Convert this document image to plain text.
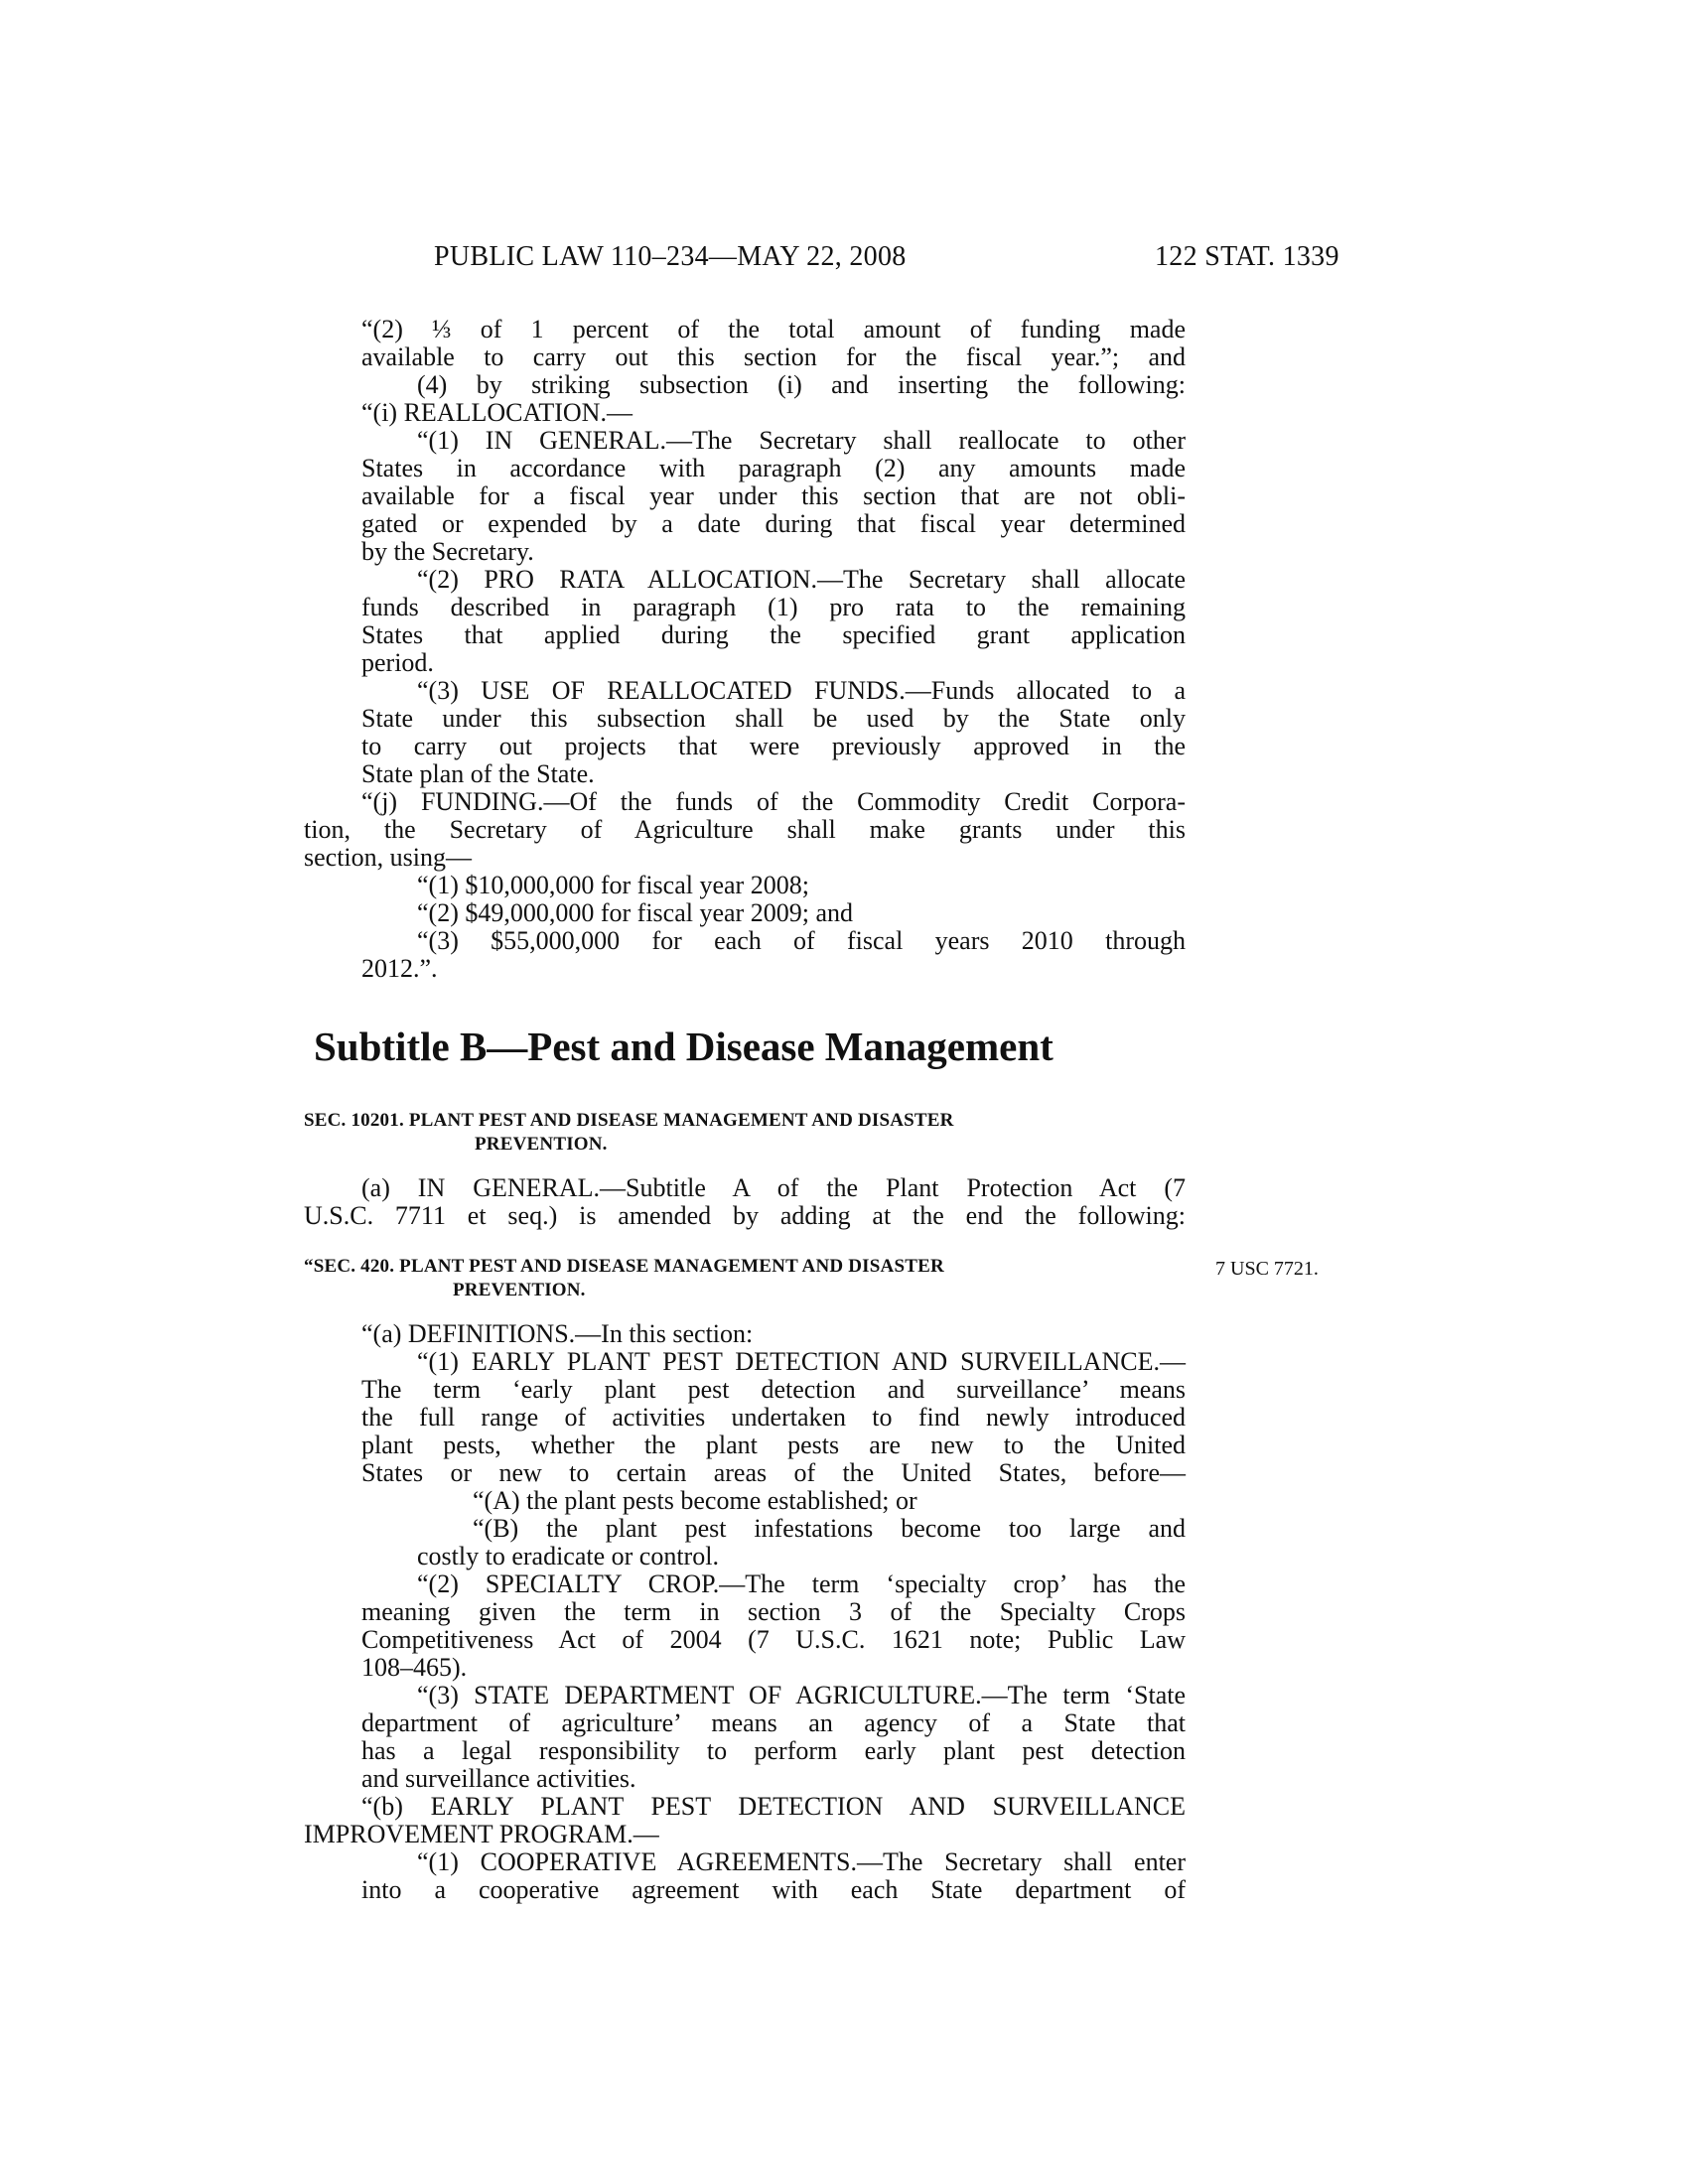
PUBLIC LAW 110–234—MAY 22, 2008	122 STAT. 1339
“(2) ⅓ of 1 percent of the total amount of funding made
available to carry out this section for the fiscal year.”; and
(4) by striking subsection (i) and inserting the following:
“(i) REALLOCATION.—
“(1) IN GENERAL.—The Secretary shall reallocate to other
States in accordance with paragraph (2) any amounts made
available for a fiscal year under this section that are not obli-
gated or expended by a date during that fiscal year determined
by the Secretary.
“(2) PRO RATA ALLOCATION.—The Secretary shall allocate
funds described in paragraph (1) pro rata to the remaining
States that applied during the specified grant application
period.
“(3) USE OF REALLOCATED FUNDS.—Funds allocated to a
State under this subsection shall be used by the State only
to carry out projects that were previously approved in the
State plan of the State.
“(j) FUNDING.—Of the funds of the Commodity Credit Corpora-
tion, the Secretary of Agriculture shall make grants under this
section, using—
“(1) $10,000,000 for fiscal year 2008;
“(2) $49,000,000 for fiscal year 2009; and
“(3) $55,000,000 for each of fiscal years 2010 through
2012.”.
Subtitle B—Pest and Disease Management
SEC. 10201. PLANT PEST AND DISEASE MANAGEMENT AND DISASTER
PREVENTION.
(a) IN GENERAL.—Subtitle A of the Plant Protection Act (7
U.S.C. 7711 et seq.) is amended by adding at the end the following:
“SEC. 420. PLANT PEST AND DISEASE MANAGEMENT AND DISASTER
PREVENTION.
7 USC 7721.
“(a) DEFINITIONS.—In this section:
“(1) EARLY PLANT PEST DETECTION AND SURVEILLANCE.—
The term ‘early plant pest detection and surveillance’ means
the full range of activities undertaken to find newly introduced
plant pests, whether the plant pests are new to the United
States or new to certain areas of the United States, before—
“(A) the plant pests become established; or
“(B) the plant pest infestations become too large and
costly to eradicate or control.
“(2) SPECIALTY CROP.—The term ‘specialty crop’ has the
meaning given the term in section 3 of the Specialty Crops
Competitiveness Act of 2004 (7 U.S.C. 1621 note; Public Law
108–465).
“(3) STATE DEPARTMENT OF AGRICULTURE.—The term ‘State
department of agriculture’ means an agency of a State that
has a legal responsibility to perform early plant pest detection
and surveillance activities.
“(b) EARLY PLANT PEST DETECTION AND SURVEILLANCE
IMPROVEMENT PROGRAM.—
“(1) COOPERATIVE AGREEMENTS.—The Secretary shall enter
into a cooperative agreement with each State department of
